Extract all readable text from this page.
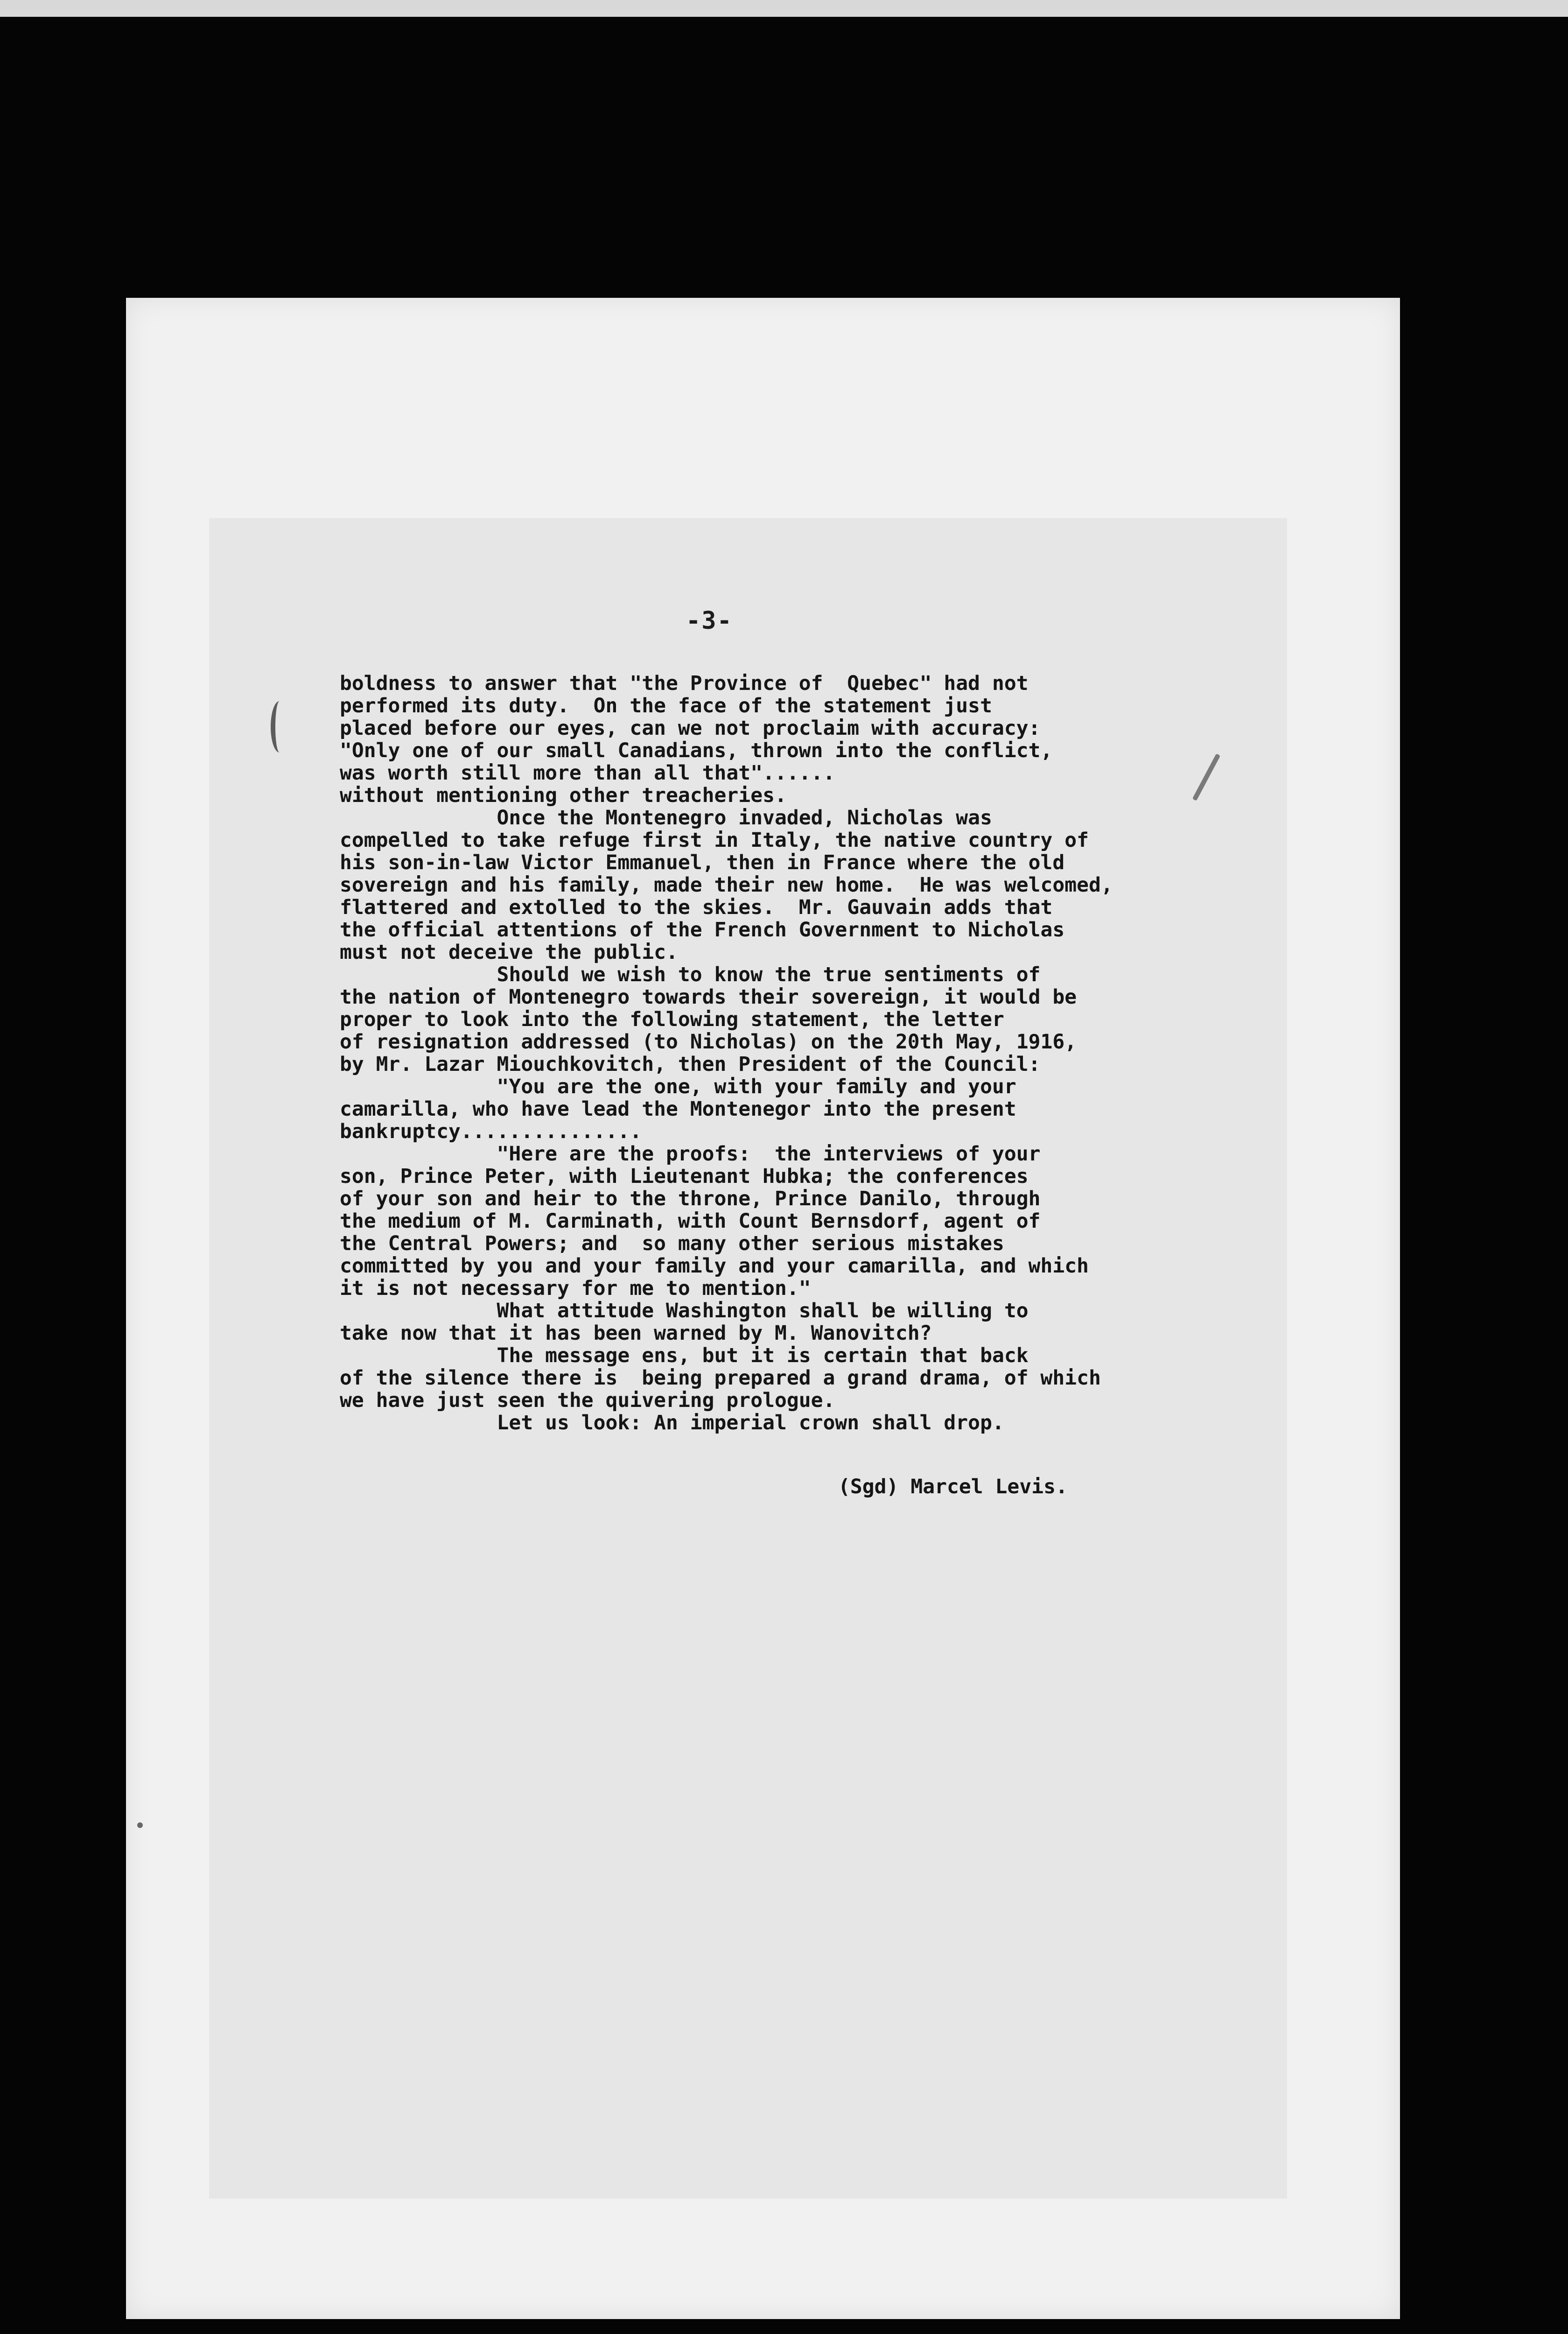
-3-
boldness to answer that "the Province of  Quebec" had not
performed its duty.  On the face of the statement just
placed before our eyes, can we not proclaim with accuracy:
"Only one of our small Canadians, thrown into the conflict,
was worth still more than all that"......
without mentioning other treacheries.
Once the Montenegro invaded, Nicholas was
compelled to take refuge first in Italy, the native country of
his son-in-law Victor Emmanuel, then in France where the old
sovereign and his family, made their new home.  He was welcomed,
flattered and extolled to the skies.  Mr. Gauvain adds that
the official attentions of the French Government to Nicholas
must not deceive the public.
Should we wish to know the true sentiments of
the nation of Montenegro towards their sovereign, it would be
proper to look into the following statement, the letter
of resignation addressed (to Nicholas) on the 20th May, 1916,
by Mr. Lazar Miouchkovitch, then President of the Council:
"You are the one, with your family and your
camarilla, who have lead the Montenegor into the present
bankruptcy...............
"Here are the proofs:  the interviews of your
son, Prince Peter, with Lieutenant Hubka; the conferences
of your son and heir to the throne, Prince Danilo, through
the medium of M. Carminath, with Count Bernsdorf, agent of
the Central Powers; and  so many other serious mistakes
committed by you and your family and your camarilla, and which
it is not necessary for me to mention."
What attitude Washington shall be willing to
take now that it has been warned by M. Wanovitch?
The message ens, but it is certain that back
of the silence there is  being prepared a grand drama, of which
we have just seen the quivering prologue.
Let us look: An imperial crown shall drop.
(Sgd) Marcel Levis.
